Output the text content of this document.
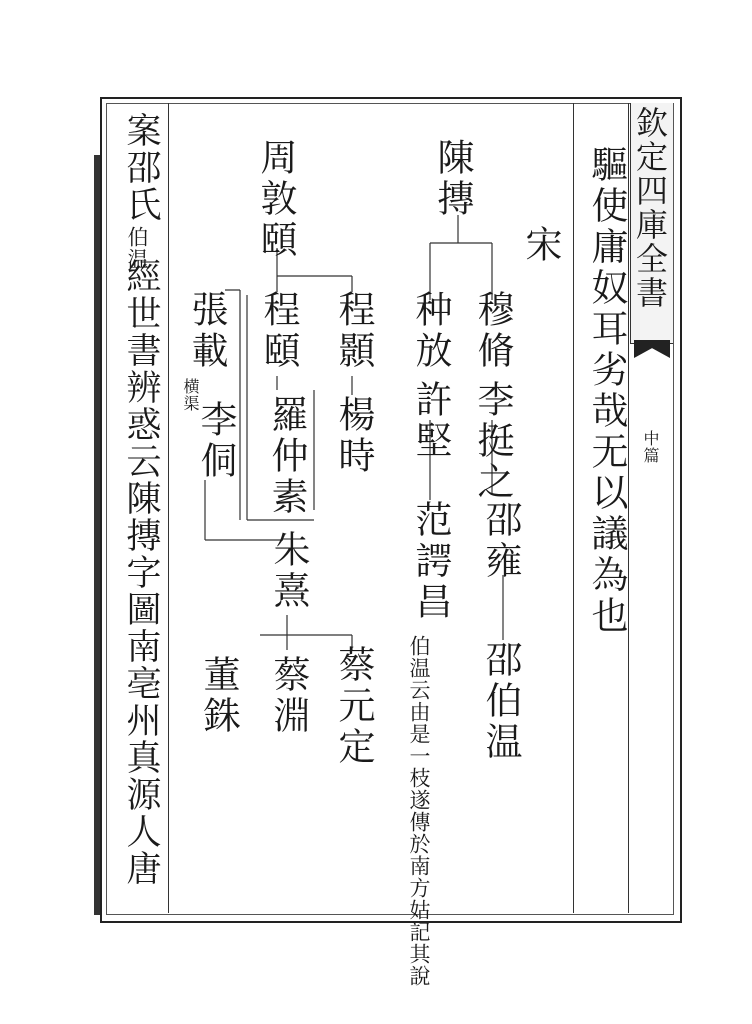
欽定四庫全書
中篇
驅使庸奴耳劣哉无以議為也
宋
陳摶
穆脩
种放
李挺之
許堅
邵雍
范諤昌
邵伯温
伯温云由是一枝遂傳於南方姑記其說
周敦頤
程顥
程頤
楊時
羅仲素
張載
横渠
李侗
朱熹
蔡元定
蔡淵
董銖
案邵氏
伯温
經世書辨惑云陳摶字圖南亳州真源人唐
